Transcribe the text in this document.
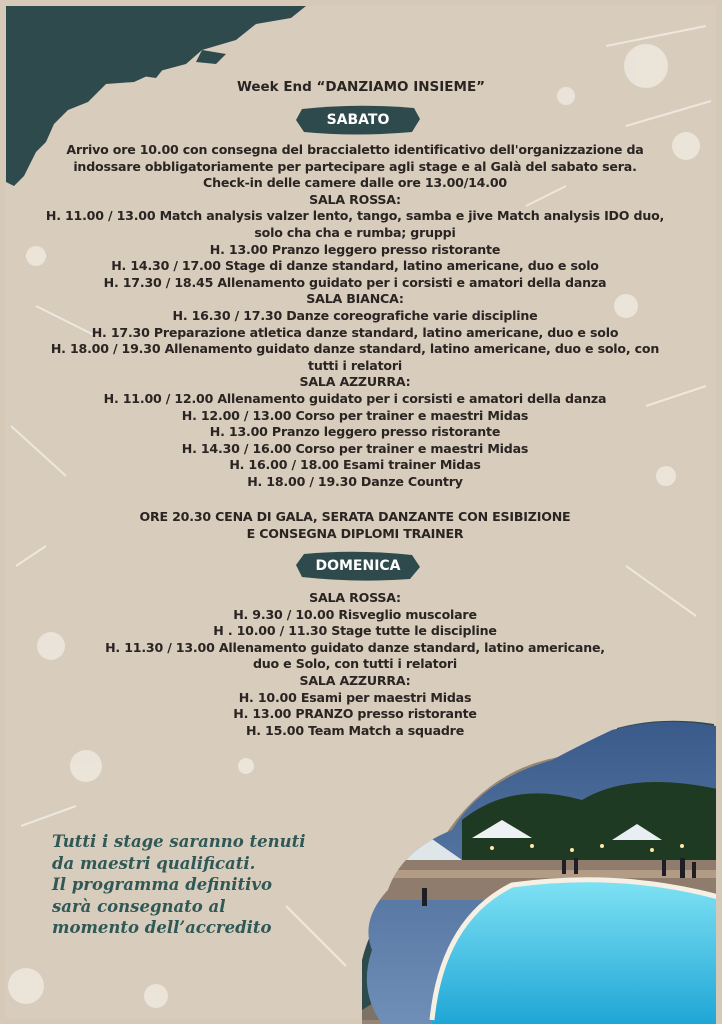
Week End “DANZIAMO INSIEME”
SABATO
Arrivo ore 10.00 con consegna del braccialetto identificativo dell'organizzazione da
indossare obbligatoriamente per partecipare agli stage e al Galà del sabato sera.
Check-in delle camere dalle ore 13.00/14.00
SALA ROSSA:
H. 11.00 / 13.00 Match analysis valzer lento, tango, samba e jive Match analysis IDO duo,
solo cha cha e rumba; gruppi
H. 13.00 Pranzo leggero presso ristorante
H. 14.30 / 17.00 Stage di danze standard, latino americane, duo e solo
H. 17.30 / 18.45 Allenamento guidato per i corsisti e amatori della danza
SALA BIANCA:
H. 16.30 / 17.30 Danze coreografiche varie discipline
H. 17.30 Preparazione atletica danze standard, latino americane, duo e solo
H. 18.00 / 19.30 Allenamento guidato danze standard, latino americane, duo e solo, con
tutti i relatori
SALA AZZURRA:
H. 11.00 / 12.00 Allenamento guidato per i corsisti e amatori della danza
H. 12.00 / 13.00 Corso per trainer e maestri Midas
H. 13.00 Pranzo leggero presso ristorante
H. 14.30 / 16.00 Corso per trainer e maestri Midas
H. 16.00 / 18.00 Esami trainer Midas
H. 18.00 / 19.30 Danze Country
ORE 20.30 CENA DI GALA, SERATA DANZANTE CON ESIBIZIONE
E CONSEGNA DIPLOMI TRAINER
DOMENICA
SALA ROSSA:
H. 9.30 / 10.00 Risveglio muscolare
H . 10.00 / 11.30 Stage tutte le discipline
H. 11.30 / 13.00 Allenamento guidato danze standard, latino americane,
duo e Solo, con tutti i relatori
SALA AZZURRA:
H. 10.00 Esami per maestri Midas
H. 13.00 PRANZO presso ristorante
H. 15.00 Team Match a squadre
Tutti i stage saranno tenuti
da maestri qualificati.
Il programma definitivo
sarà consegnato al
momento dell’accredito
